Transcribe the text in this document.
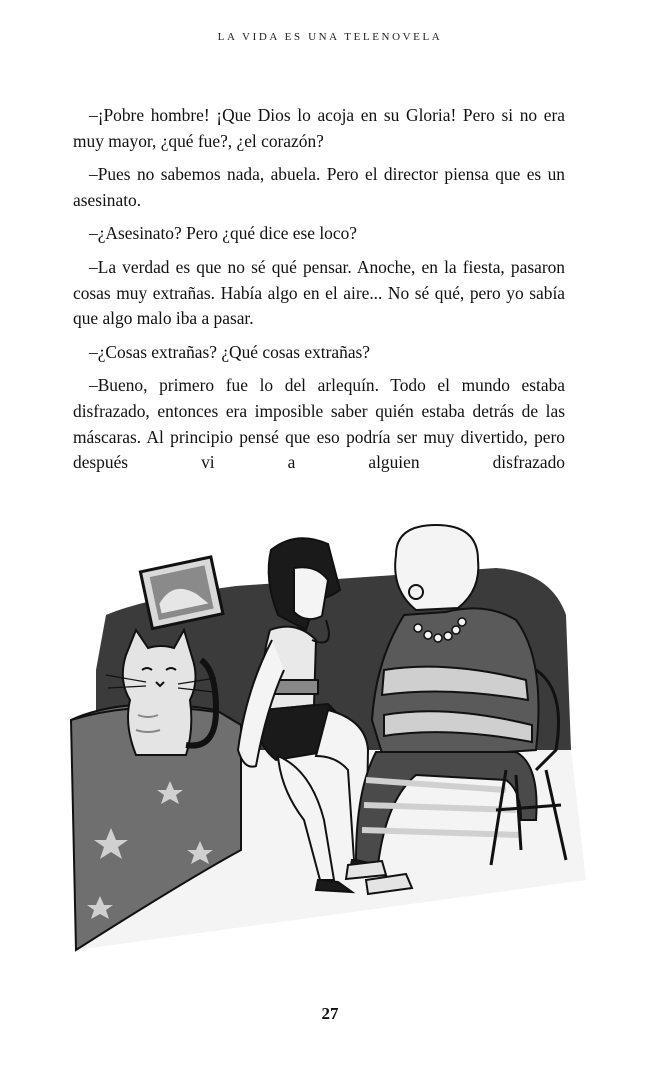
LA VIDA ES UNA TELENOVELA

–¡Pobre hombre! ¡Que Dios lo acoja en su Gloria! Pero si no era muy mayor, ¿qué fue?, ¿el corazón?

–Pues no sabemos nada, abuela. Pero el director piensa que es un asesinato.

–¿Asesinato? Pero ¿qué dice ese loco?

–La verdad es que no sé qué pensar. Anoche, en la fiesta, pasaron cosas muy extrañas. Había algo en el aire... No sé qué, pero yo sabía que algo malo iba a pasar.

–¿Cosas extrañas? ¿Qué cosas extrañas?

–Bueno, primero fue lo del arlequín. Todo el mundo estaba disfrazado, entonces era imposible saber quién estaba detrás de las máscaras. Al principio pensé que eso podría ser muy divertido, pero después vi a alguien disfrazado

27
